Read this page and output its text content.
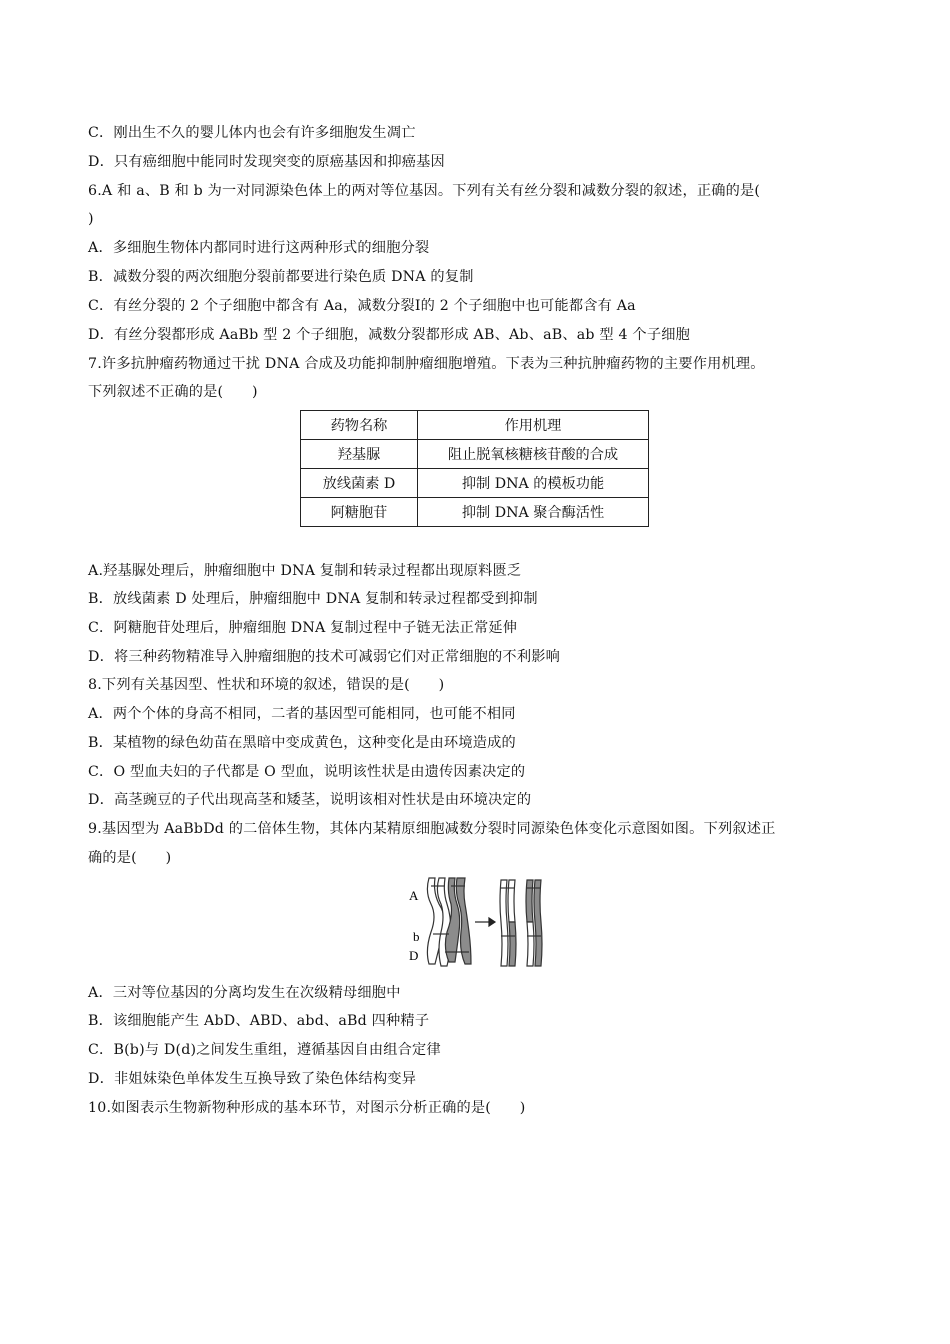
C．刚出生不久的婴儿体内也会有许多细胞发生凋亡
D．只有癌细胞中能同时发现突变的原癌基因和抑癌基因
6.A 和 a、B 和 b 为一对同源染色体上的两对等位基因。下列有关有丝分裂和减数分裂的叙述，正确的是(
)
A．多细胞生物体内都同时进行这两种形式的细胞分裂
B．减数分裂的两次细胞分裂前都要进行染色质 DNA 的复制
C．有丝分裂的 2 个子细胞中都含有 Aa，减数分裂Ⅰ的 2 个子细胞中也可能都含有 Aa
D．有丝分裂都形成 AaBb 型 2 个子细胞，减数分裂都形成 AB、Ab、aB、ab 型 4 个子细胞
7.许多抗肿瘤药物通过干扰 DNA 合成及功能抑制肿瘤细胞增殖。下表为三种抗肿瘤药物的主要作用机理。
下列叙述不正确的是(　　)
药物名称	作用机理
羟基脲	阻止脱氧核糖核苷酸的合成
放线菌素 D	抑制 DNA 的模板功能
阿糖胞苷	抑制 DNA 聚合酶活性
A.羟基脲处理后，肿瘤细胞中 DNA 复制和转录过程都出现原料匮乏
B．放线菌素 D 处理后，肿瘤细胞中 DNA 复制和转录过程都受到抑制
C．阿糖胞苷处理后，肿瘤细胞 DNA 复制过程中子链无法正常延伸
D．将三种药物精准导入肿瘤细胞的技术可减弱它们对正常细胞的不利影响
8.下列有关基因型、性状和环境的叙述，错误的是(　　)
A．两个个体的身高不相同，二者的基因型可能相同，也可能不相同
B．某植物的绿色幼苗在黑暗中变成黄色，这种变化是由环境造成的
C．O 型血夫妇的子代都是 O 型血，说明该性状是由遗传因素决定的
D．高茎豌豆的子代出现高茎和矮茎，说明该相对性状是由环境决定的
9.基因型为 AaBbDd 的二倍体生物，其体内某精原细胞减数分裂时同源染色体变化示意图如图。下列叙述正
确的是(　　)
A
b
D
A．三对等位基因的分离均发生在次级精母细胞中
B．该细胞能产生 AbD、ABD、abd、aBd 四种精子
C．B(b)与 D(d)之间发生重组，遵循基因自由组合定律
D．非姐妹染色单体发生互换导致了染色体结构变异
10.如图表示生物新物种形成的基本环节，对图示分析正确的是(　　)
